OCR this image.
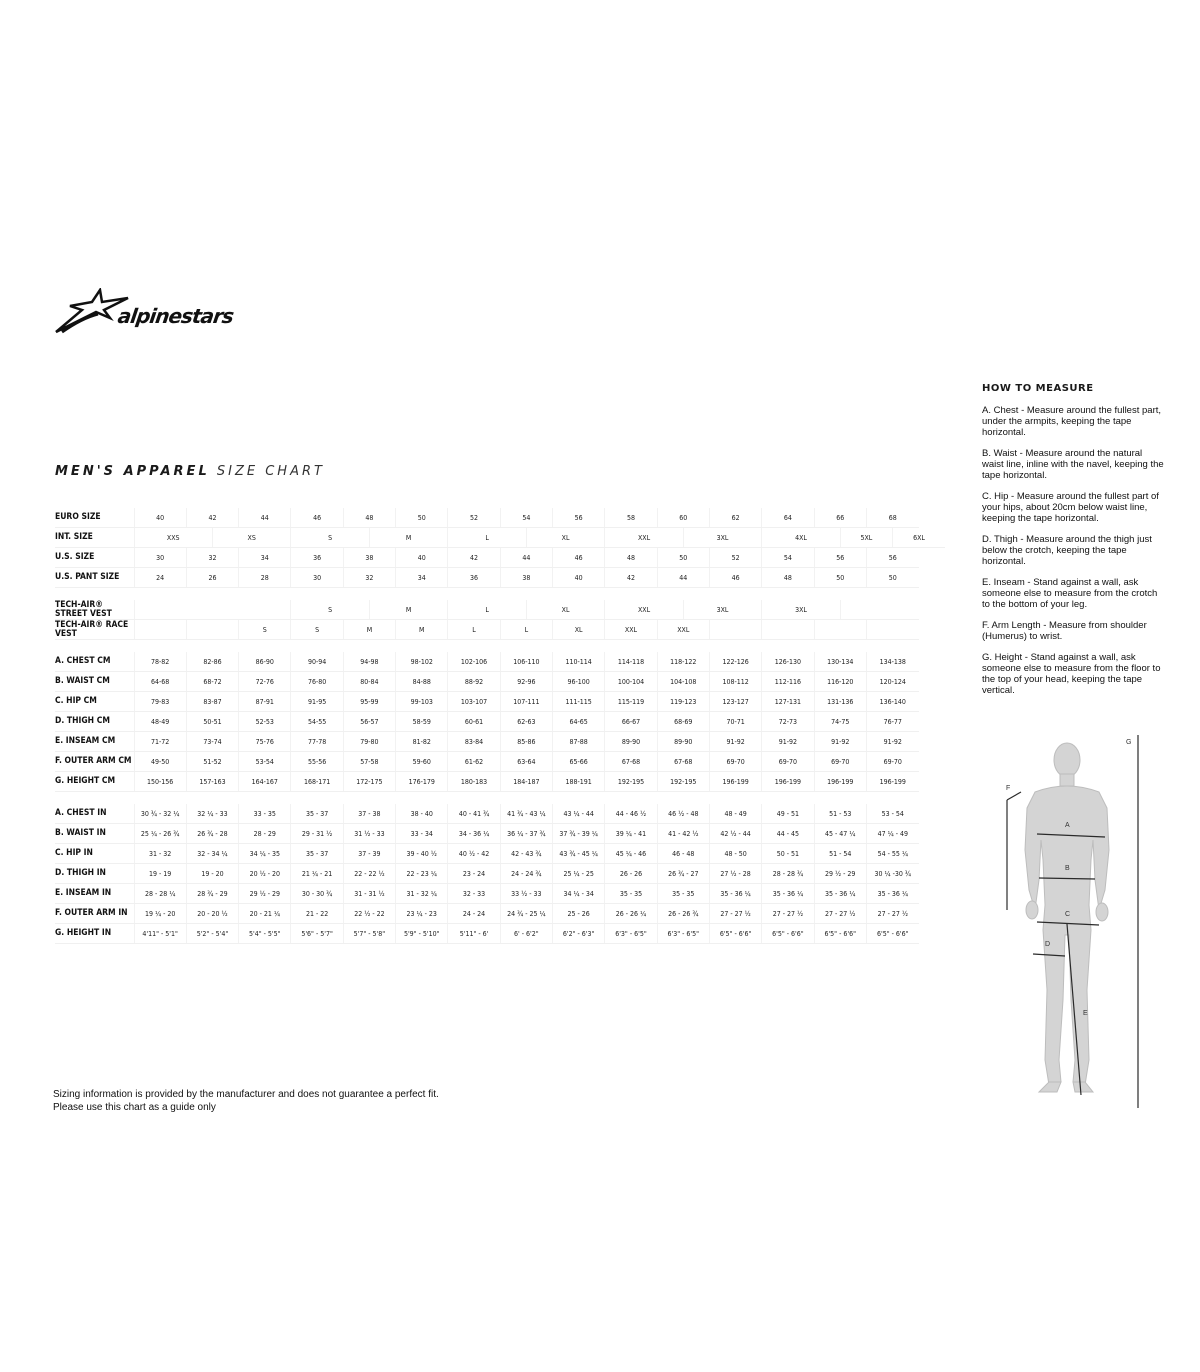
alpinestars
MEN'S APPAREL SIZE CHART
EURO SIZE	40	42		44	46	48		50	52	54		56	58	60		62	64	66		68	
INT. SIZE	XXS		XS		S		M		L		XL		XXL		3XL		4XL		5XL		6XL
U.S. SIZE	30	32		34	36	38		40	42	44		46	48	50		52	54	56		56	
U.S. PANT SIZE	24	26		28	30	32		34	36	38		40	42	44		46	48	50		50	

TECH-AIR® STREET VEST					S		M		L		XL		XXL		3XL		3XL				
TECH-AIR® RACE VEST				S	S	M		M	L	L		XL	XXL	XXL							

A. CHEST CM	78-82	82-86		86-90	90-94	94-98		98-102	102-106	106-110		110-114	114-118	118-122		122-126	126-130	130-134		134-138	
B. WAIST CM	64-68	68-72		72-76	76-80	80-84		84-88	88-92	92-96		96-100	100-104	104-108		108-112	112-116	116-120		120-124	
C. HIP CM	79-83	83-87		87-91	91-95	95-99		99-103	103-107	107-111		111-115	115-119	119-123		123-127	127-131	131-136		136-140	
D. THIGH CM	48-49	50-51		52-53	54-55	56-57		58-59	60-61	62-63		64-65	66-67	68-69		70-71	72-73	74-75		76-77	
E. INSEAM CM	71-72	73-74		75-76	77-78	79-80		81-82	83-84	85-86		87-88	89-90	89-90		91-92	91-92	91-92		91-92	
F. OUTER ARM CM	49-50	51-52		53-54	55-56	57-58		59-60	61-62	63-64		65-66	67-68	67-68		69-70	69-70	69-70		69-70	
G. HEIGHT CM	150-156	157-163		164-167	168-171	172-175		176-179	180-183	184-187		188-191	192-195	192-195		196-199	196-199	196-199		196-199	

A. CHEST IN	30 ¾ - 32 ¼	32 ¼ - 33		33 - 35	35 - 37	37 - 38		38 - 40	40 - 41 ¾	41 ¾ - 43 ¼		43 ¼ - 44	44 - 46 ½	46 ½ - 48		48 - 49	49 - 51	51 - 53		53 - 54	
B. WAIST IN	25 ¼ - 26 ¾	26 ¾ - 28		28 - 29	29 - 31 ½	31 ½ - 33		33 - 34	34 - 36 ¼	36 ¼ - 37 ¾		37 ¾ - 39 ¼	39 ¼ - 41	41 - 42 ½		42 ½ - 44	44 - 45	45 - 47 ¼		47 ¼ - 49	
C. HIP IN	31 - 32	32 - 34 ¼		34 ¼ - 35	35 - 37	37 - 39		39 - 40 ½	40 ½ - 42	42 - 43 ¾		43 ¾ - 45 ¼	45 ¼ - 46	46 - 48		48 - 50	50 - 51	51 - 54		54 - 55 ¼	
D. THIGH IN	19 - 19	19 - 20		20 ½ - 20	21 ¼ - 21	22 - 22 ½		22 - 23 ¼	23 - 24	24 - 24 ¾		25 ¼ - 25	26 - 26	26 ¾ - 27		27 ½ - 28	28 - 28 ¾	29 ½ - 29		30 ¼ -30 ¾	
E. INSEAM IN	28 - 28 ¼	28 ¾ - 29		29 ½ - 29	30 - 30 ¾	31 - 31 ½		31 - 32 ¼	32 - 33	33 ½ - 33		34 ¼ - 34	35 - 35	35 - 35		35 - 36 ¼	35 - 36 ¼	35 - 36 ¼		35 - 36 ¼	
F. OUTER ARM IN	19 ¼ - 20	20 - 20 ½		20 - 21 ¼	21 - 22	22 ½ - 22		23 ¼ - 23	24 - 24	24 ¾ - 25 ¼		25 - 26	26 - 26 ¼	26 - 26 ¾		27 - 27 ½	27 - 27 ½	27 - 27 ½		27 - 27 ½	
G. HEIGHT IN	4'11" - 5'1"	5'2" - 5'4"		5'4" - 5'5"	5'6" - 5'7"	5'7" - 5'8"		5'9" - 5'10"	5'11" - 6'	6' - 6'2"		6'2" - 6'3"	6'3" - 6'5"	6'3" - 6'5"		6'5" - 6'6"	6'5" - 6'6"	6'5" - 6'6"		6'5" - 6'6"	
Sizing information is provided by the manufacturer and does not guarantee a perfect fit.
Please use this chart as a guide only
HOW TO MEASURE

A. Chest - Measure around the fullest part, under the armpits, keeping the tape horizontal.

B. Waist - Measure around the natural waist line, inline with the navel, keeping the tape horizontal.

C. Hip - Measure around the fullest part of your hips, about 20cm below waist line, keeping the tape horizontal.

D. Thigh - Measure around the thigh just below the crotch, keeping the tape horizontal.

E. Inseam - Stand against a wall, ask someone else to measure from the crotch to the bottom of your leg.

F. Arm Length - Measure from shoulder (Humerus) to wrist.

G. Height - Stand against a wall, ask someone else to measure from the floor to the top of your head, keeping the tape vertical.

A
B
C
D
E
F
G
